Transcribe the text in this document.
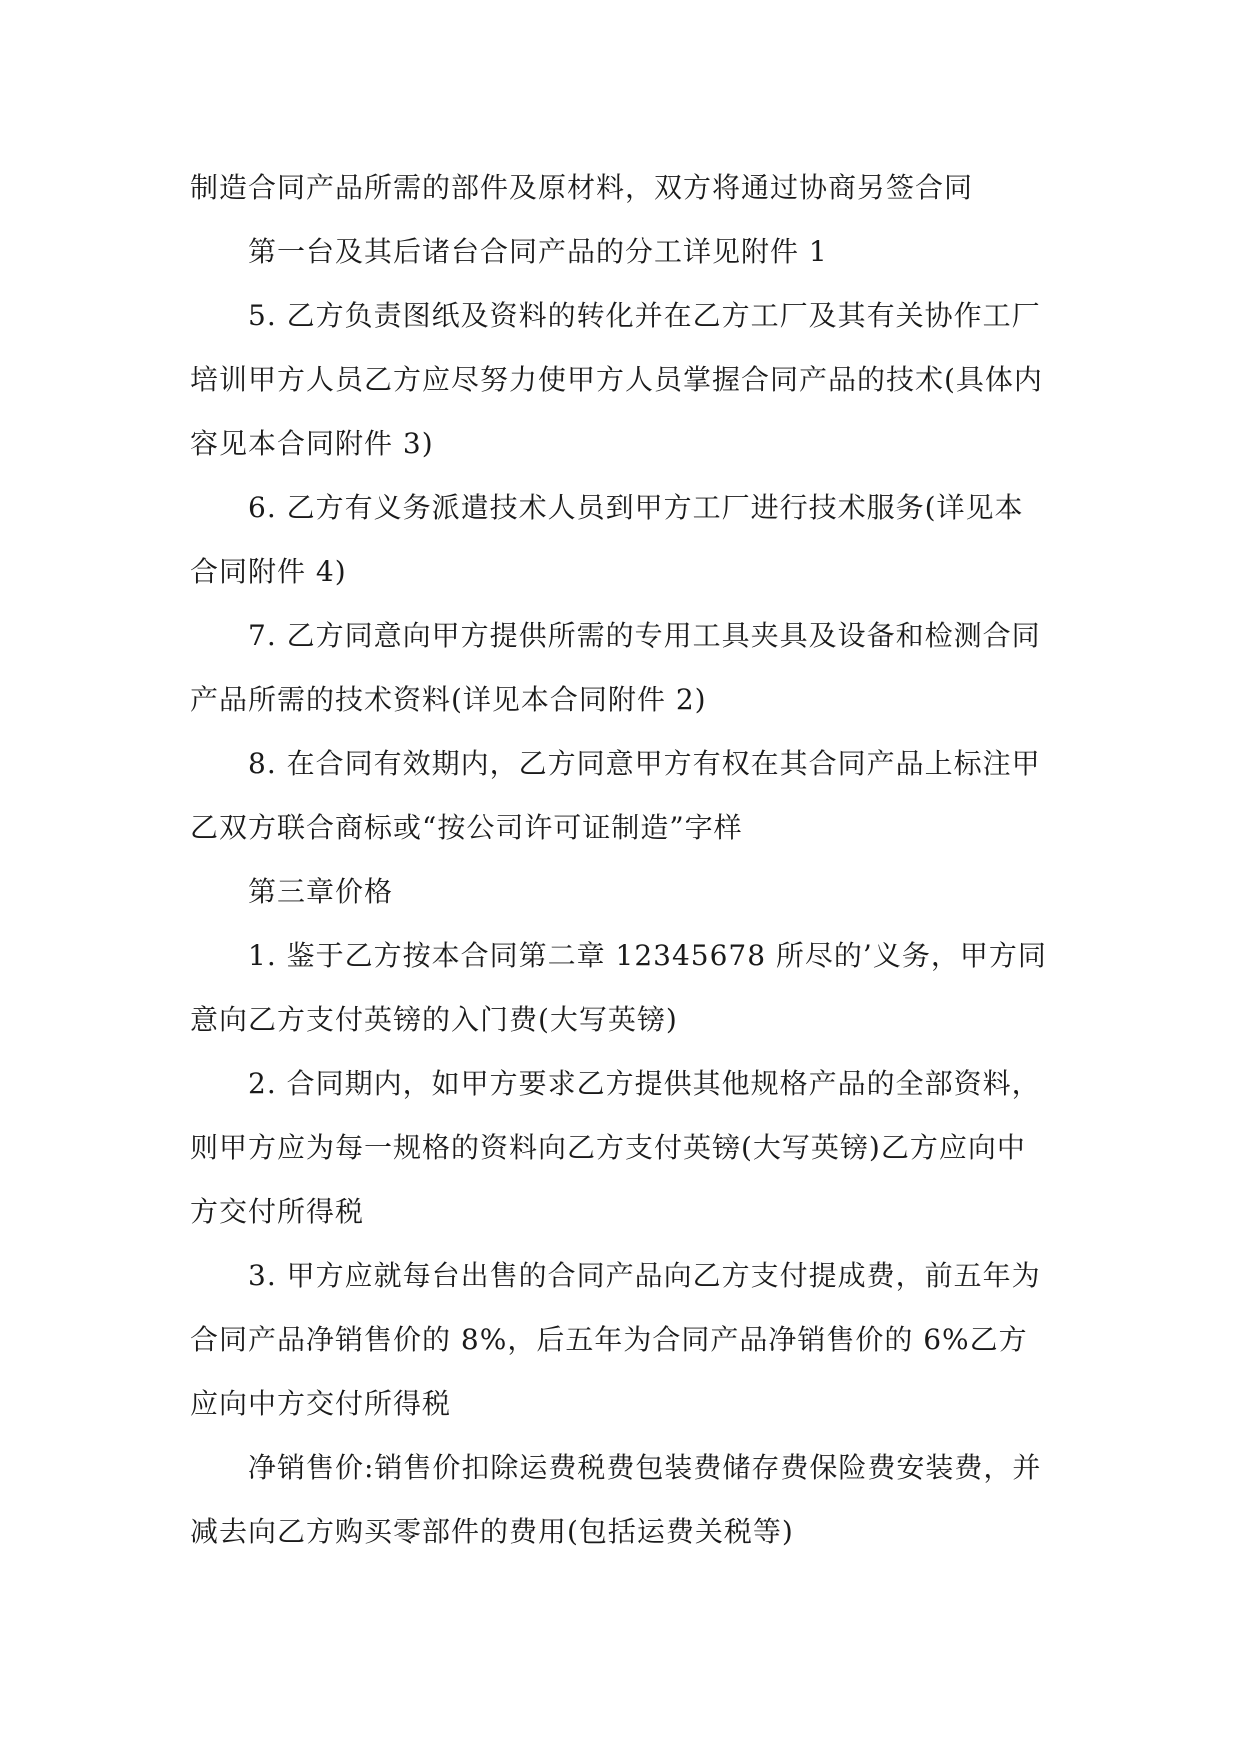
制造合同产品所需的部件及原材料，双方将通过协商另签合同

第一台及其后诸台合同产品的分工详见附件 1

5. 乙方负责图纸及资料的转化并在乙方工厂及其有关协作工厂培训甲方人员乙方应尽努力使甲方人员掌握合同产品的技术(具体内容见本合同附件 3)

6. 乙方有义务派遣技术人员到甲方工厂进行技术服务(详见本合同附件 4)

7. 乙方同意向甲方提供所需的专用工具夹具及设备和检测合同产品所需的技术资料(详见本合同附件 2)

8. 在合同有效期内，乙方同意甲方有权在其合同产品上标注甲乙双方联合商标或“按公司许可证制造”字样

第三章价格

1. 鉴于乙方按本合同第二章 12345678 所尽的’义务，甲方同意向乙方支付英镑的入门费(大写英镑)

2. 合同期内，如甲方要求乙方提供其他规格产品的全部资料，则甲方应为每一规格的资料向乙方支付英镑(大写英镑)乙方应向中方交付所得税

3. 甲方应就每台出售的合同产品向乙方支付提成费，前五年为合同产品净销售价的 8%，后五年为合同产品净销售价的 6%乙方应向中方交付所得税

净销售价:销售价扣除运费税费包装费储存费保险费安装费，并减去向乙方购买零部件的费用(包括运费关税等)
